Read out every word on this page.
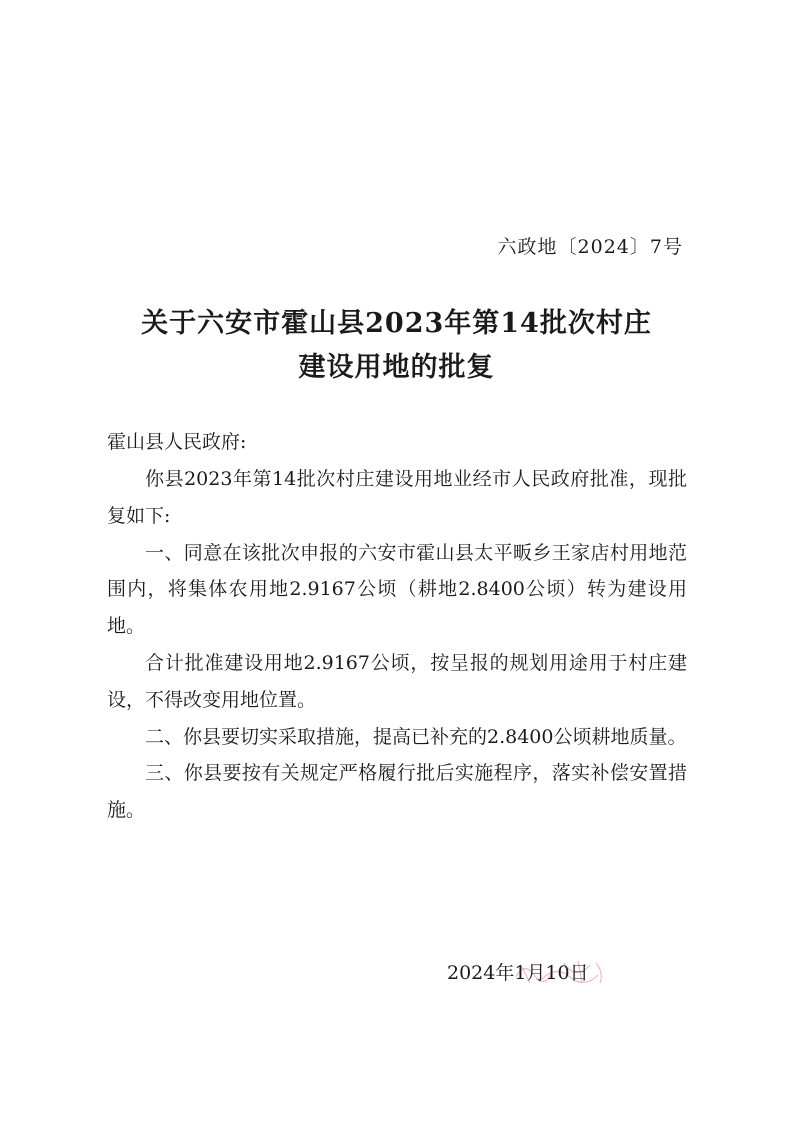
六政地〔2024〕7号
关于六安市霍山县2023年第14批次村庄
建设用地的批复
霍山县人民政府:

你县2023年第14批次村庄建设用地业经市人民政府批准，现批复如下:

一、同意在该批次申报的六安市霍山县太平畈乡王家店村用地范围内，将集体农用地2.9167公顷（耕地2.8400公顷）转为建设用地。

合计批准建设用地2.9167公顷，按呈报的规划用途用于村庄建设，不得改变用地位置。

二、你县要切实采取措施，提高已补充的2.8400公顷耕地质量。

三、你县要按有关规定严格履行批后实施程序，落实补偿安置措施。

2024年1月10日
